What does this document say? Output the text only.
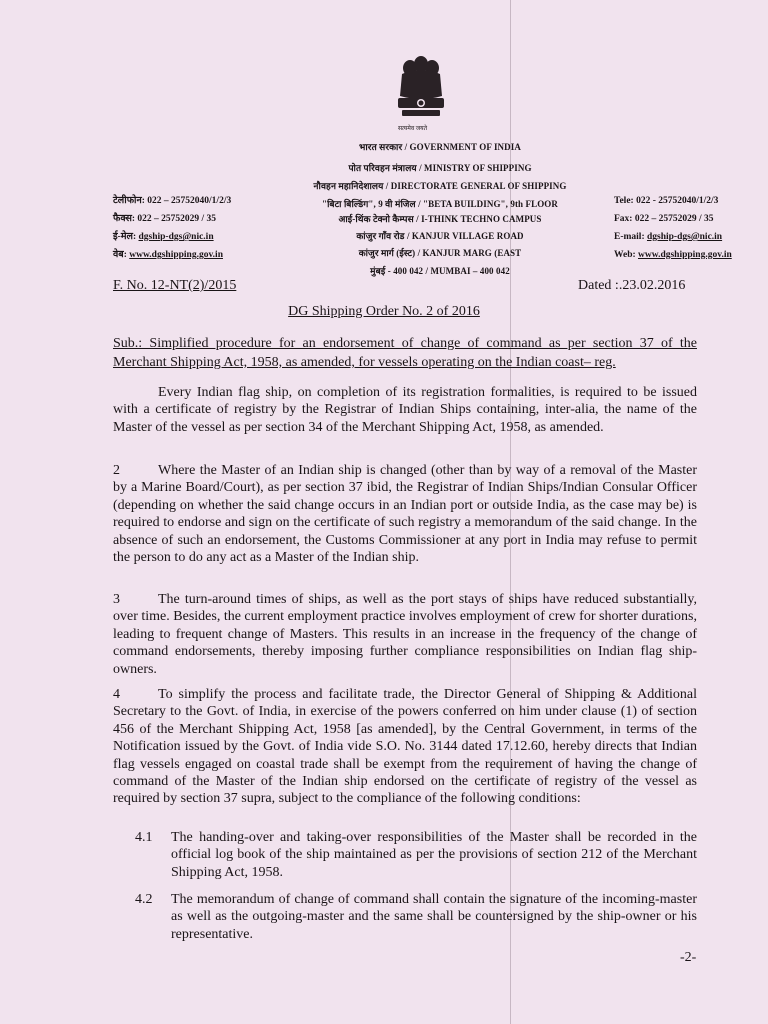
सत्यमेव जयते
भारत सरकार / GOVERNMENT OF INDIA
पोत परिवहन मंत्रालय / MINISTRY OF SHIPPING
नौवहन महानिदेशालय / DIRECTORATE GENERAL OF SHIPPING
"बिटा बिल्डिंग", 9 वी मंजिल / "BETA BUILDING", 9th FLOOR
आई-थिंक टेक्नो कैम्पस / I-THINK TECHNO CAMPUS
कांजुर गाँव रोड / KANJUR VILLAGE ROAD
कांजुर मार्ग (ईस्ट) / KANJUR MARG (EAST
मुंबई - 400 042 / MUMBAI – 400 042
टेलीफोन: 022 – 25752040/1/2/3
फैक्स: 022 – 25752029 / 35
ई-मेल: dgship-dgs@nic.in
वेब: www.dgshipping.gov.in
Tele: 022 - 25752040/1/2/3
Fax: 022 – 25752029 / 35
E-mail: dgship-dgs@nic.in
Web: www.dgshipping.gov.in
F. No. 12-NT(2)/2015	Dated :.23.02.2016
DG Shipping Order No. 2 of 2016
Sub.: Simplified procedure for an endorsement of change of command as per section 37 of the Merchant Shipping Act, 1958, as amended, for vessels operating on the Indian coast– reg.
Every Indian flag ship, on completion of its registration formalities, is required to be issued with a certificate of registry by the Registrar of Indian Ships containing, inter-alia, the name of the Master of the vessel as per section 34 of the Merchant Shipping Act, 1958, as amended.
2	Where the Master of an Indian ship is changed (other than by way of a removal of the Master by a Marine Board/Court), as per section 37 ibid, the Registrar of Indian Ships/Indian Consular Officer (depending on whether the said change occurs in an Indian port or outside India, as the case may be) is required to endorse and sign on the certificate of such registry a memorandum of the said change. In the absence of such an endorsement, the Customs Commissioner at any port in India may refuse to permit the person to do any act as a Master of the Indian ship.
3	The turn-around times of ships, as well as the port stays of ships have reduced substantially, over time. Besides, the current employment practice involves employment of crew for shorter durations, leading to frequent change of Masters. This results in an increase in the frequency of the change of command endorsements, thereby imposing further compliance responsibilities on Indian flag ship-owners.
4	To simplify the process and facilitate trade, the Director General of Shipping & Additional Secretary to the Govt. of India, in exercise of the powers conferred on him under clause (1) of section 456 of the Merchant Shipping Act, 1958 [as amended], by the Central Government, in terms of the Notification issued by the Govt. of India vide S.O. No. 3144 dated 17.12.60, hereby directs that Indian flag vessels engaged on coastal trade shall be exempt from the requirement of having the change of command of the Master of the Indian ship endorsed on the certificate of registry of the vessel as required by section 37 supra, subject to the compliance of the following conditions:
4.1	The handing-over and taking-over responsibilities of the Master shall be recorded in the official log book of the ship maintained as per the provisions of section 212 of the Merchant Shipping Act, 1958.
4.2	The memorandum of change of command shall contain the signature of the incoming-master as well as the outgoing-master and the same shall be countersigned by the ship-owner or his representative.
-2-
